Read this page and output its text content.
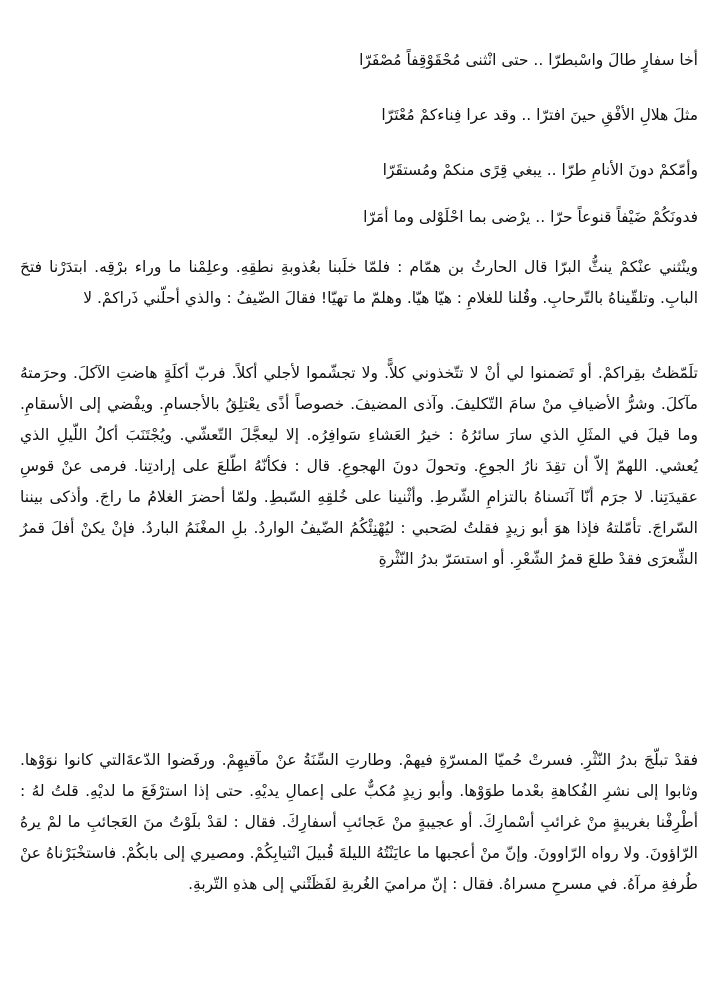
أخا سفارٍ طالَ واسْبطرّا .. حتى انْثنى مُحْقَوْقِفاً مُصْفَرّا

مثلَ هلالِ الأفْقِ حينَ افترّا .. وقد عرا فِناءكمْ مُعْتَرّا

وأمّكمْ دونَ الأنامِ طرّا .. يبغي قِرًى منكمْ ومُستقَرّا

فدونَكُمْ ضَيْفاً قنوعاً حرّا .. يرْضى بما احْلَوْلى وما أمَرّا

وينْثني عنْكمْ ينثُّ البرّا قال الحارثُ بن همّام : فلمّا خلَبنا بعُذوبةِ نطقِهِ. وعلِمْنا ما وراء برْقِه. ابتدَرْنا فتحَ البابِ. وتلقّيناهُ بالتّرحابِ. وقُلنا للغلامِ : هيّا هيّا. وهلمّ ما تهيّا! فقالَ الضّيفُ : والذي أحلّني ذَراكمْ. لا

تلَمّظتُ بقِراكمْ. أو تَضمنوا لي أنْ لا تتّخذوني كلاًّ. ولا تجشّموا لأجلي أكلاً. فربّ أكلَةٍ هاضتِ الآكلَ. وحرَمتهُ مآكلَ. وشرُّ الأضيافِ منْ سامَ التّكليفَ. وآذى المضيفَ. خصوصاً أذًى يعْتلِقُ بالأجسامِ. ويفْضي إلى الأسقامِ. وما قيلَ في المثَلِ الذي سارَ سائرُهُ : خيرُ العَشاءِ سَوافِرُه. إلا ليعجَّلَ التّعشّي. ويُجْتَنَبَ أكلُ اللّيلِ الذي يُعشي. اللهمّ إلاّ أن تقِدَ نارُ الجوعِ. وتحولَ دونَ الهجوعِ. قال : فكأنّهُ اطّلعَ على إرادتِنا. فرمى عنْ قوسِ عقيدَتِنا. لا جرَم أنّا آنَسناهُ بالتزامِ الشّرطِ. وأثْنينا على خُلقِهِ السّبطِ. ولمّا أحضرَ الغلامُ ما راجَ. وأذكى بيننا السّراجَ. تأمّلتهُ فإذا هوَ أبو زيدٍ فقلتُ لصَحبي : ليُهْنِئْكُمُ الضّيفُ الواردُ. بلِ المغْنَمُ الباردُ. فإنْ يكنْ أفلَ قمرُ الشِّعرَى فقدْ طلعَ قمرُ الشّعْرِ. أو استسَرّ بدرُ النّثْرةِ

فقدْ تبلّجَ بدرُ النّثْرِ. فسرتْ حُميّا المسرّةِ فيهمْ. وطارتِ السِّنَةُ عنْ مآقيهِمْ. ورفَضوا الدّعةَالتي كانوا نوَوْها. وثابوا إلى نشرِ الفُكاهةِ بعْدما طوَوْها. وأبو زيدٍ مُكبٌّ على إعمالِ يديْهِ. حتى إذا استرْفَعَ ما لديْهِ. قلتُ لهُ : أطْرِفْنا بغريبةٍ منْ غرائبِ أسْمارِكَ. أو عجيبةٍ منْ عَجائبِ أسفارِكَ. فقال : لقدْ بلَوْتُ منَ العَجائبِ ما لمْ يرهُ الرّاؤونَ. ولا رواه الرّاوونَ. وإنّ منْ أعجبها ما عايَنْتُهُ الليلةَ قُبيلَ انْتيابِكُمْ. ومصيري إلى بابكُمْ. فاستخْبَرْناهُ عنْ طُرفةِ مرآهُ. في مسرحِ مسراهُ. فقال : إنّ مراميَ الغُربةِ لفَظَتْني إلى هذهِ التّربةِ.
